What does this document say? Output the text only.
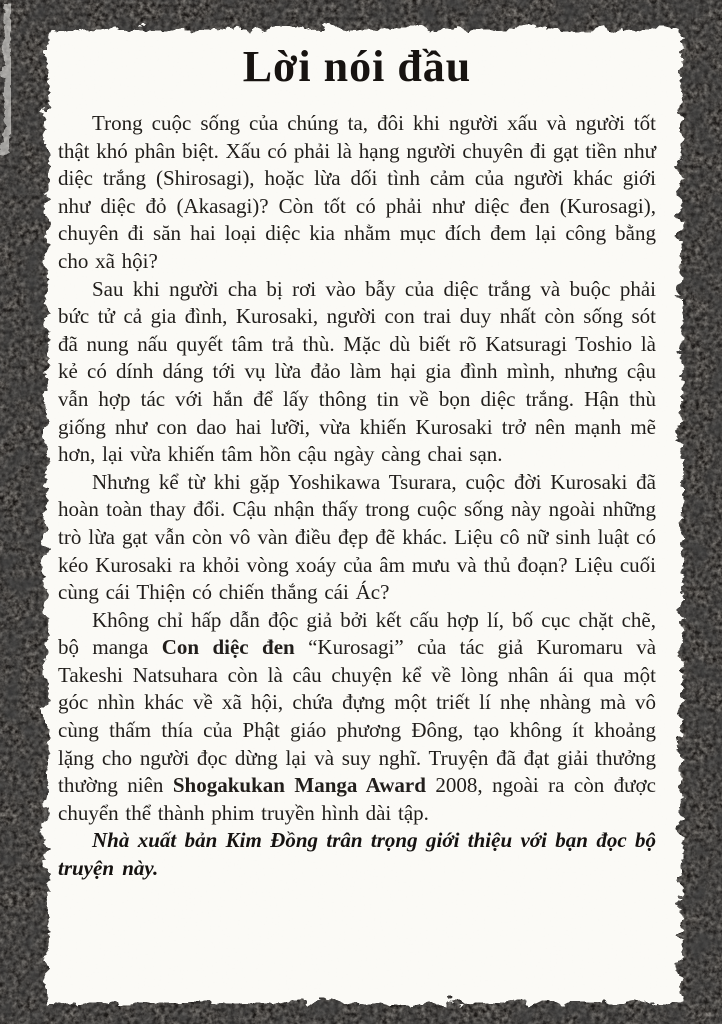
Lời nói đầu

Trong cuộc sống của chúng ta, đôi khi người xấu và người tốt thật khó phân biệt. Xấu có phải là hạng người chuyên đi gạt tiền như diệc trắng (Shirosagi), hoặc lừa dối tình cảm của người khác giới như diệc đỏ (Akasagi)? Còn tốt có phải như diệc đen (Kurosagi), chuyên đi săn hai loại diệc kia nhằm mục đích đem lại công bằng cho xã hội?

Sau khi người cha bị rơi vào bẫy của diệc trắng và buộc phải bức tử cả gia đình, Kurosaki, người con trai duy nhất còn sống sót đã nung nấu quyết tâm trả thù. Mặc dù biết rõ Katsuragi Toshio là kẻ có dính dáng tới vụ lừa đảo làm hại gia đình mình, nhưng cậu vẫn hợp tác với hắn để lấy thông tin về bọn diệc trắng. Hận thù giống như con dao hai lưỡi, vừa khiến Kurosaki trở nên mạnh mẽ hơn, lại vừa khiến tâm hồn cậu ngày càng chai sạn.

Nhưng kể từ khi gặp Yoshikawa Tsurara, cuộc đời Kurosaki đã hoàn toàn thay đổi. Cậu nhận thấy trong cuộc sống này ngoài những trò lừa gạt vẫn còn vô vàn điều đẹp đẽ khác. Liệu cô nữ sinh luật có kéo Kurosaki ra khỏi vòng xoáy của âm mưu và thủ đoạn? Liệu cuối cùng cái Thiện có chiến thắng cái Ác?

Không chỉ hấp dẫn độc giả bởi kết cấu hợp lí, bố cục chặt chẽ, bộ manga Con diệc đen “Kurosagi” của tác giả Kuromaru và Takeshi Natsuhara còn là câu chuyện kể về lòng nhân ái qua một góc nhìn khác về xã hội, chứa đựng một triết lí nhẹ nhàng mà vô cùng thấm thía của Phật giáo phương Đông, tạo không ít khoảng lặng cho người đọc dừng lại và suy nghĩ. Truyện đã đạt giải thưởng thường niên Shogakukan Manga Award 2008, ngoài ra còn được chuyển thể thành phim truyền hình dài tập.

Nhà xuất bản Kim Đồng trân trọng giới thiệu với bạn đọc bộ truyện này.
